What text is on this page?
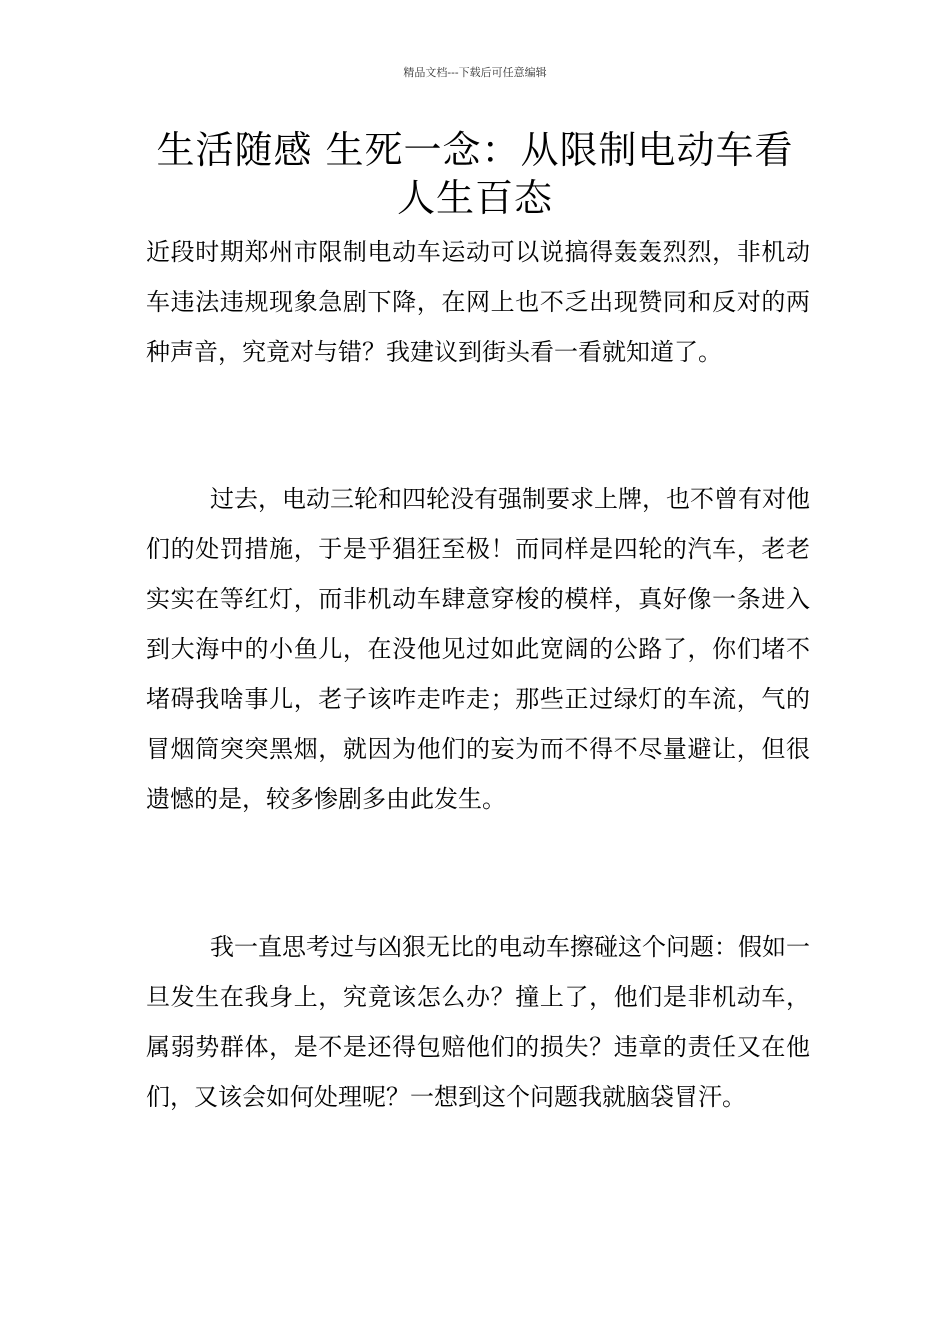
精品文档---下载后可任意编辑
生活随感 生死一念：从限制电动车看人生百态

近段时期郑州市限制电动车运动可以说搞得轰轰烈烈，非机动车违法违规现象急剧下降，在网上也不乏出现赞同和反对的两种声音，究竟对与错？我建议到街头看一看就知道了。

过去，电动三轮和四轮没有强制要求上牌，也不曾有对他们的处罚措施，于是乎猖狂至极！而同样是四轮的汽车，老老实实在等红灯，而非机动车肆意穿梭的模样，真好像一条进入到大海中的小鱼儿，在没他见过如此宽阔的公路了，你们堵不堵碍我啥事儿，老子该咋走咋走；那些正过绿灯的车流，气的冒烟筒突突黑烟，就因为他们的妄为而不得不尽量避让，但很遗憾的是，较多惨剧多由此发生。

我一直思考过与凶狠无比的电动车擦碰这个问题：假如一旦发生在我身上，究竟该怎么办？撞上了，他们是非机动车，属弱势群体，是不是还得包赔他们的损失？违章的责任又在他们，又该会如何处理呢？一想到这个问题我就脑袋冒汗。
